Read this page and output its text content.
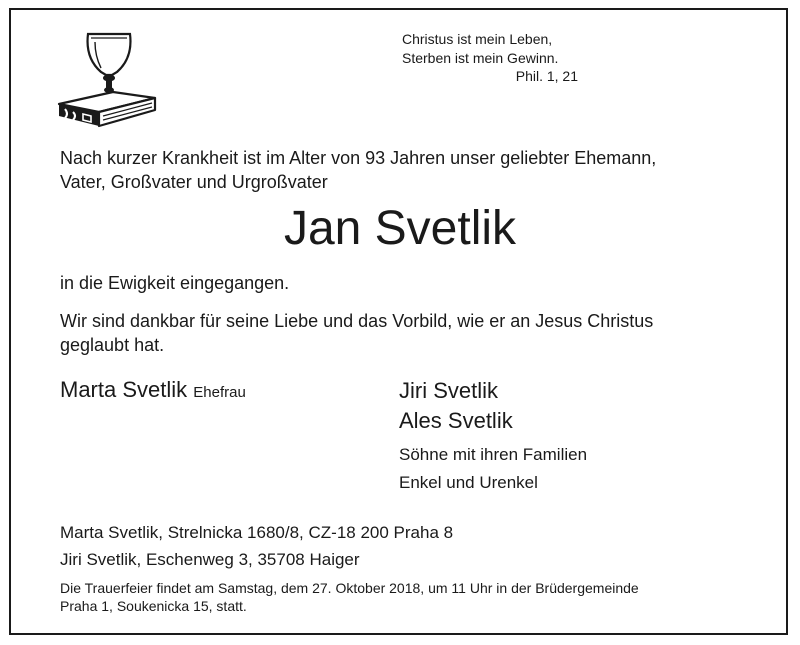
Christus ist mein Leben,
Sterben ist mein Gewinn.
Phil. 1, 21
Nach kurzer Krankheit ist im Alter von 93 Jahren unser geliebter Ehemann,
Vater, Großvater und Urgroßvater
Jan Svetlik
in die Ewigkeit eingegangen.
Wir sind dankbar für seine Liebe und das Vorbild, wie er an Jesus Christus
geglaubt hat.
Marta Svetlik Ehefrau	Jiri Svetlik
Ales Svetlik
Söhne mit ihren Familien
Enkel und Urenkel
Marta Svetlik, Strelnicka 1680/8, CZ-18 200 Praha 8
Jiri Svetlik, Eschenweg 3, 35708 Haiger
Die Trauerfeier findet am Samstag, dem 27. Oktober 2018, um 11 Uhr in der Brüdergemeinde
Praha 1, Soukenicka 15, statt.
